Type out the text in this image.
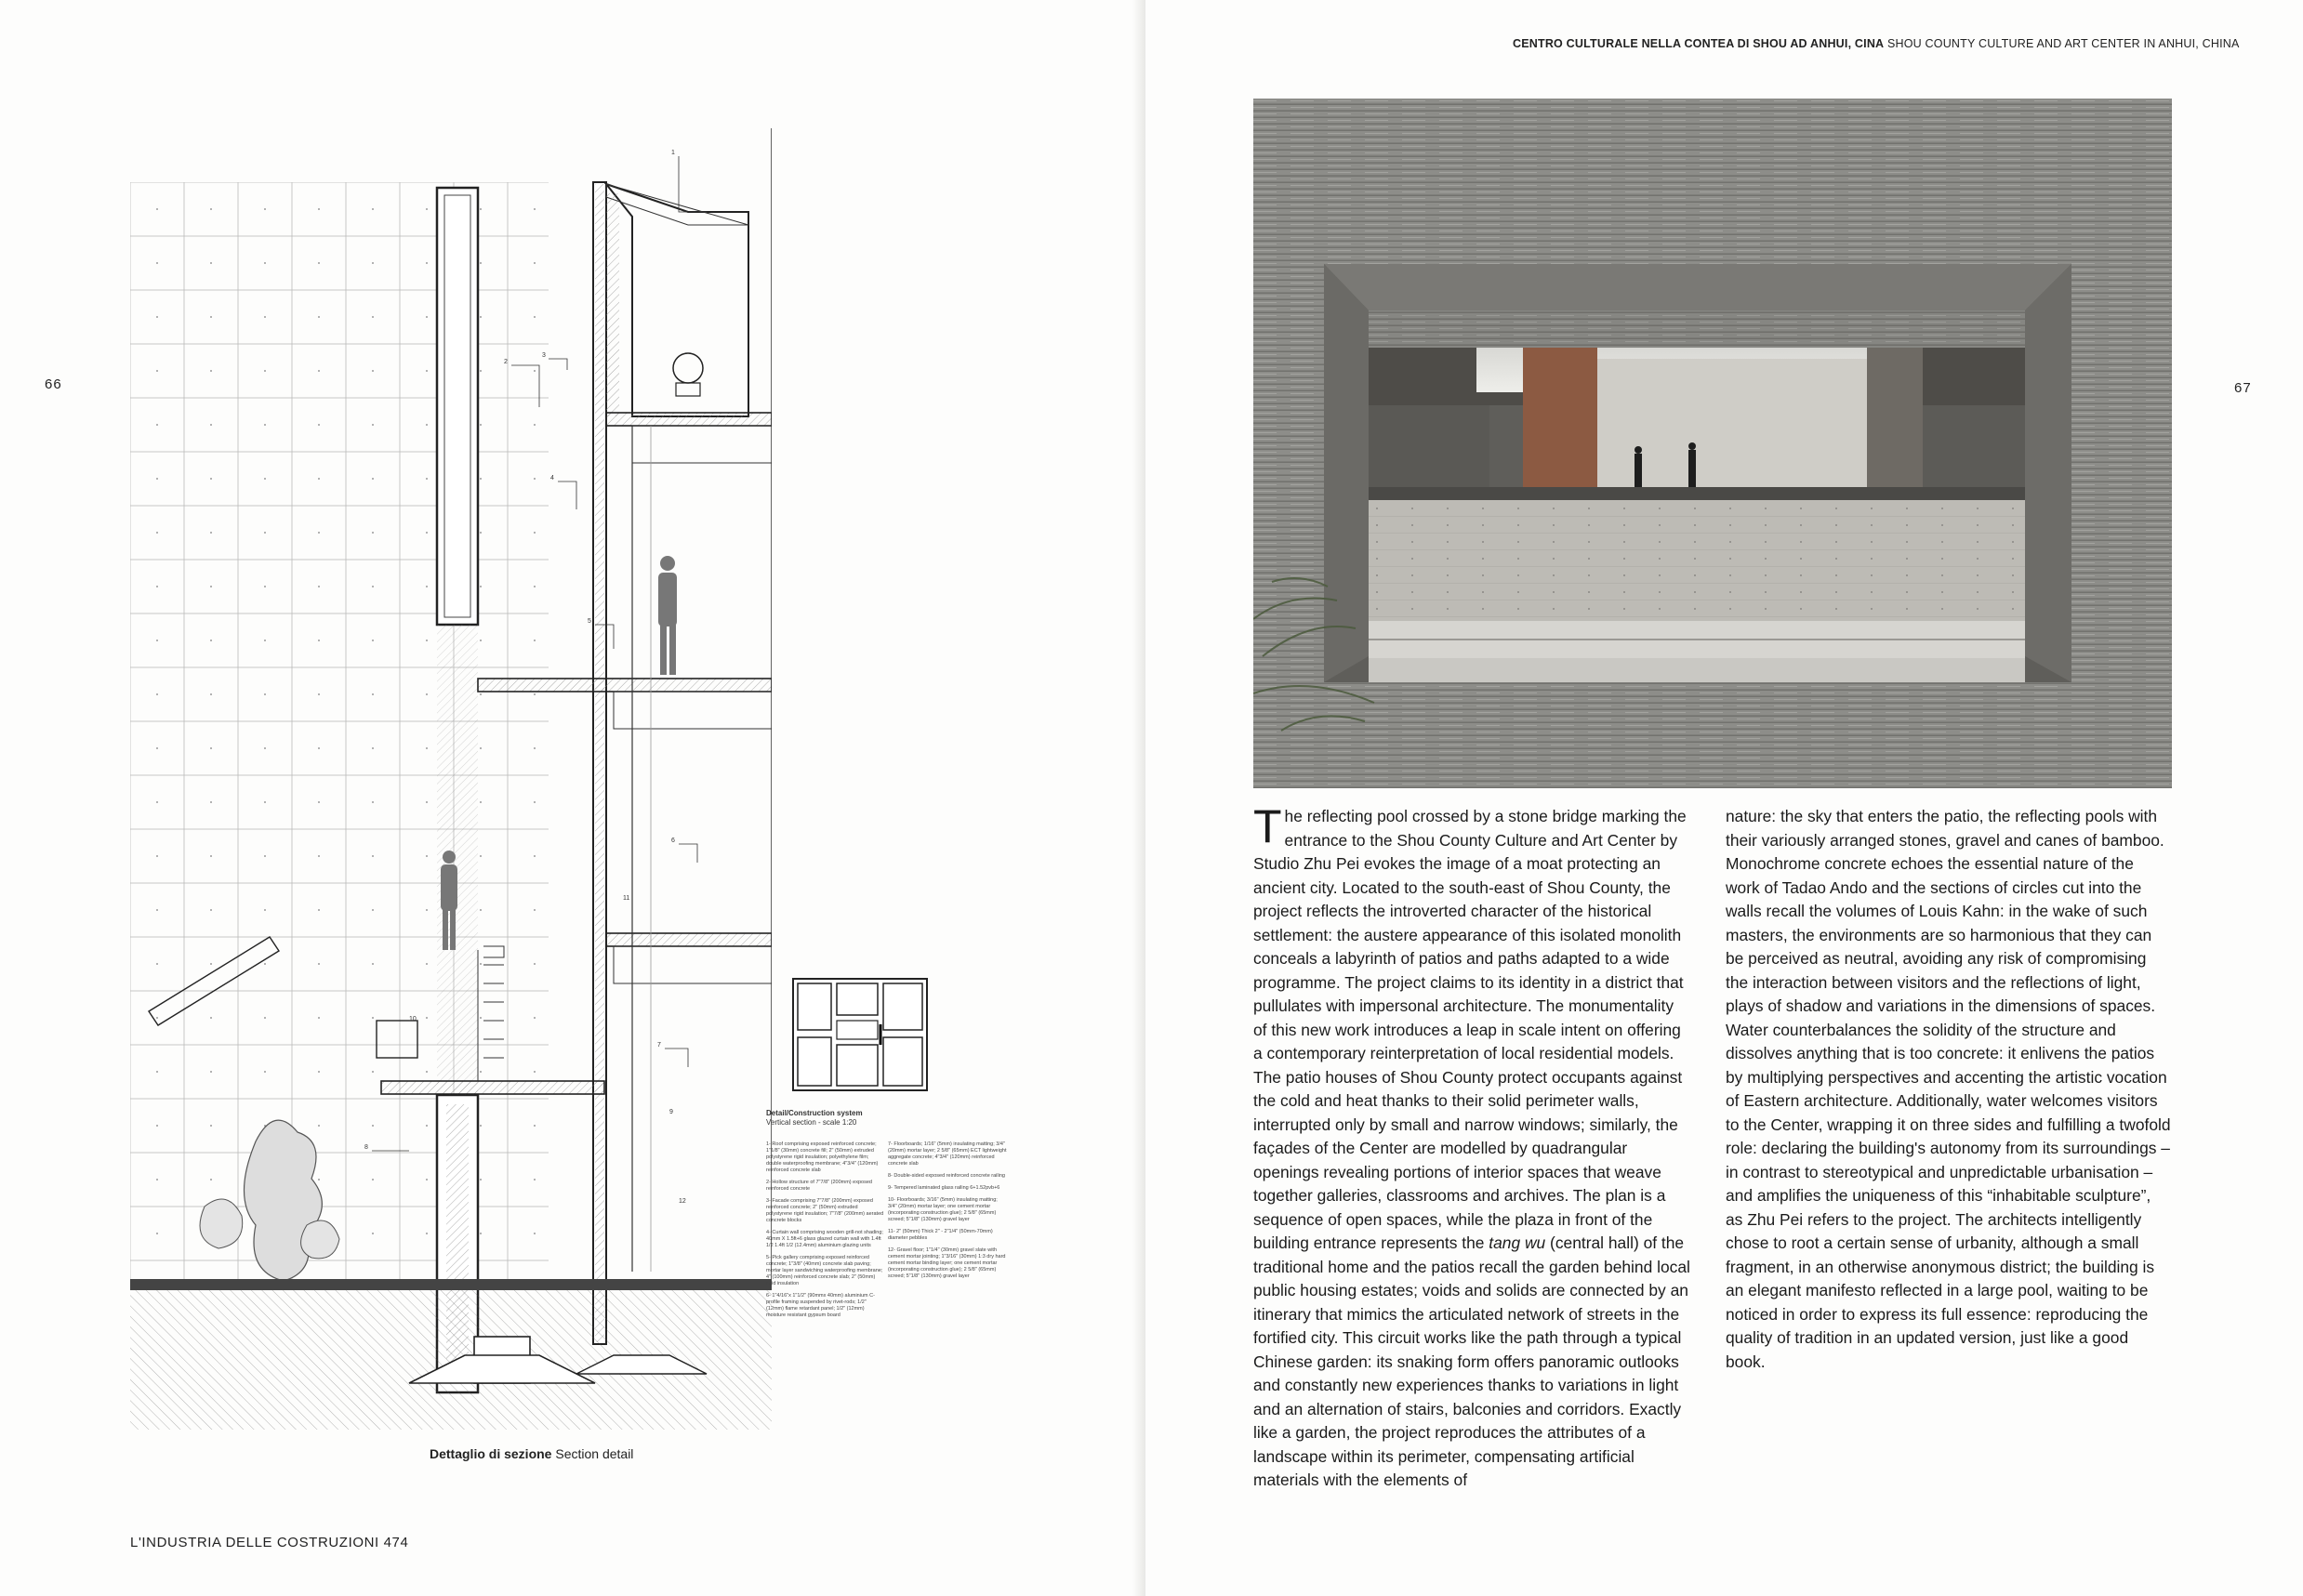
66
1
2
3
4
5
6
7
8
9
10
11
12
Detail/Construction system
Vertical section - scale 1:20
1- Roof comprising exposed reinforced concrete; 1"1/8" (30mm) concrete fill; 2" (50mm) extruded polystyrene rigid insulation; polyethylene film; double waterproofing membrane; 4"3/4" (120mm) reinforced concrete slab
2- Hollow structure of 7"7/8" (200mm) exposed reinforced concrete
3- Facade comprising 7"7/8" (200mm) exposed reinforced concrete; 2" (50mm) extruded polystyrene rigid insulation; 7"7/8" (200mm) aerated concrete blocks
4- Curtain wall comprising wooden grill-not shading; 40mm X 1.5ft+6 glass glazed curtain wall with 1.4ft 1/2 1.4ft 1/2 (12.4mm) aluminium glazing units
5- Pick gallery comprising exposed reinforced concrete; 1"3/8" (40mm) concrete slab paving; mortar layer sandwiching waterproofing membrane; 4" (100mm) reinforced concrete slab; 2" (50mm) rigid insulation
6- 1"4/16"x 1"1/2" (90mmx 40mm) aluminium C-profile framing suspended by rivet-rods; 1/2" (12mm) flame retardant panel; 1/2" (12mm) moisture resistant gypsum board
7- Floorboards; 1/16" (5mm) insulating matting; 3/4" (20mm) mortar layer; 2 5/8" (65mm) ECT lightweight aggregate concrete; 4"3/4" (120mm) reinforced concrete slab
8- Double-sided exposed reinforced concrete railing
9- Tempered laminated glass railing 6+1.52pvb+6
10- Floorboards; 3/16" (5mm) insulating matting; 3/4" (20mm) mortar layer; one cement mortar (incorporating construction glue); 2 5/8" (65mm) screed; 5"1/8" (130mm) gravel layer
11- 2" (50mm) Thick 2" - 2"1/4" (50mm-70mm) diameter pebbles
12- Gravel floor; 1"1/4" (30mm) gravel slate with cement mortar jointing; 1"3/16" (30mm) 1:3 dry hard cement mortar binding layer; one cement mortar (incorporating construction glue); 2 5/8" (65mm) screed; 5"1/8" (130mm) gravel layer
Dettaglio di sezione Section detail
L'INDUSTRIA DELLE COSTRUZIONI 474
67
CENTRO CULTURALE NELLA CONTEA DI SHOU AD ANHUI, CINA SHOU COUNTY CULTURE AND ART CENTER IN ANHUI, CHINA
The reflecting pool crossed by a stone bridge marking the entrance to the Shou County Culture and Art Center by Studio Zhu Pei evokes the image of a moat protecting an ancient city. Located to the south-east of Shou County, the project reflects the introverted character of the historical settlement: the austere appearance of this isolated monolith conceals a labyrinth of patios and paths adapted to a wide programme. The project claims to its identity in a district that pullulates with impersonal architecture. The monumentality of this new work introduces a leap in scale intent on offering a contemporary reinterpretation of local residential models. The patio houses of Shou County protect occupants against the cold and heat thanks to their solid perimeter walls, interrupted only by small and narrow windows; similarly, the façades of the Center are modelled by quadrangular openings revealing portions of interior spaces that weave together galleries, classrooms and archives. The plan is a sequence of open spaces, while the plaza in front of the building entrance represents the tang wu (central hall) of the traditional home and the patios recall the garden behind local public housing estates; voids and solids are connected by an itinerary that mimics the articulated network of streets in the fortified city. This circuit works like the path through a typical Chinese garden: its snaking form offers panoramic outlooks and constantly new experiences thanks to variations in light and an alternation of stairs, balconies and corridors. Exactly like a garden, the project reproduces the attributes of a landscape within its perimeter, compensating artificial materials with the elements of
nature: the sky that enters the patio, the reflecting pools with their variously arranged stones, gravel and canes of bamboo. Monochrome concrete echoes the essential nature of the work of Tadao Ando and the sections of circles cut into the walls recall the volumes of Louis Kahn: in the wake of such masters, the environments are so harmonious that they can be perceived as neutral, avoiding any risk of compromising the interaction between visitors and the reflections of light, plays of shadow and variations in the dimensions of spaces. Water counterbalances the solidity of the structure and dissolves anything that is too concrete: it enlivens the patios by multiplying perspectives and accenting the artistic vocation of Eastern architecture. Additionally, water welcomes visitors to the Center, wrapping it on three sides and fulfilling a twofold role: declaring the building's autonomy from its surroundings – in contrast to stereotypical and unpredictable urbanisation – and amplifies the uniqueness of this “inhabitable sculpture”, as Zhu Pei refers to the project. The architects intelligently chose to root a certain sense of urbanity, although a small fragment, in an otherwise anonymous district; the building is an elegant manifesto reflected in a large pool, waiting to be noticed in order to express its full essence: reproducing the quality of tradition in an updated version, just like a good book.
